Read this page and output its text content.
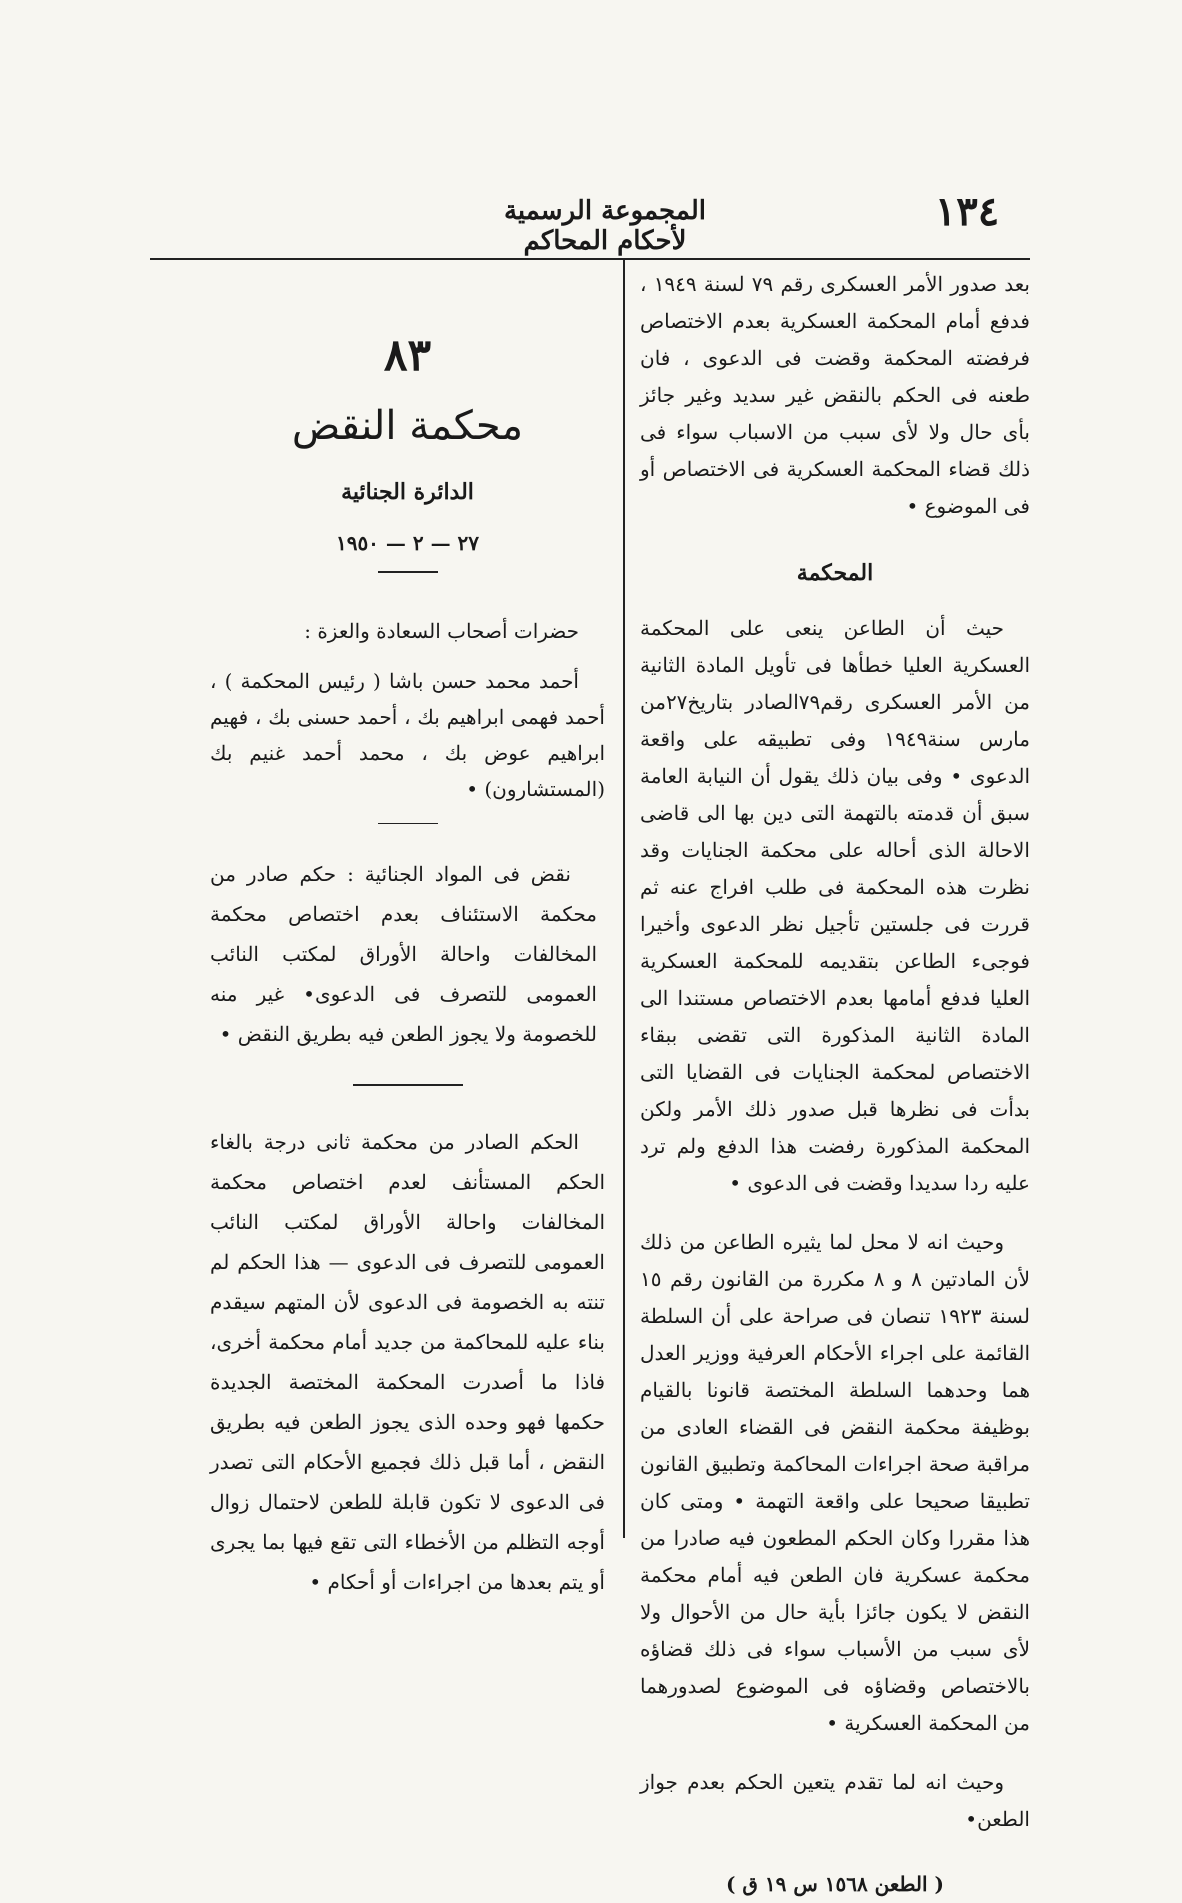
١٣٤
المجموعة الرسمية لأحكام المحاكم

بعد صدور الأمر العسكرى رقم ٧٩ لسنة ١٩٤٩ ، فدفع أمام المحكمة العسكرية بعدم الاختصاص فرفضته المحكمة وقضت فى الدعوى ، فان طعنه فى الحكم بالنقض غير سديد وغير جائز بأى حال ولا لأى سبب من الاسباب سواء فى ذلك قضاء المحكمة العسكرية فى الاختصاص أو فى الموضوع •

المحكمة

حيث أن الطاعن ينعى على المحكمة العسكرية العليا خطأها فى تأويل المادة الثانية من الأمر العسكرى رقم٧٩الصادر بتاريخ٢٧من مارس سنة١٩٤٩ وفى تطبيقه على واقعة الدعوى • وفى بيان ذلك يقول أن النيابة العامة سبق أن قدمته بالتهمة التى دين بها الى قاضى الاحالة الذى أحاله على محكمة الجنايات وقد نظرت هذه المحكمة فى طلب افراج عنه ثم قررت فى جلستين تأجيل نظر الدعوى وأخيرا فوجىء الطاعن بتقديمه للمحكمة العسكرية العليا فدفع أمامها بعدم الاختصاص مستندا الى المادة الثانية المذكورة التى تقضى ببقاء الاختصاص لمحكمة الجنايات فى القضايا التى بدأت فى نظرها قبل صدور ذلك الأمر ولكن المحكمة المذكورة رفضت هذا الدفع ولم ترد عليه ردا سديدا وقضت فى الدعوى •

وحيث انه لا محل لما يثيره الطاعن من ذلك لأن المادتين ٨ و ٨ مكررة من القانون رقم ١٥ لسنة ١٩٢٣ تنصان فى صراحة على أن السلطة القائمة على اجراء الأحكام العرفية ووزير العدل هما وحدهما السلطة المختصة قانونا بالقيام بوظيفة محكمة النقض فى القضاء العادى من مراقبة صحة اجراءات المحاكمة وتطبيق القانون تطبيقا صحيحا على واقعة التهمة • ومتى كان هذا مقررا وكان الحكم المطعون فيه صادرا من محكمة عسكرية فان الطعن فيه أمام محكمة النقض لا يكون جائزا بأية حال من الأحوال ولا لأى سبب من الأسباب سواء فى ذلك قضاؤه بالاختصاص وقضاؤه فى الموضوع لصدورهما من المحكمة العسكرية •

وحيث انه لما تقدم يتعين الحكم بعدم جواز الطعن•

( الطعن ١٥٦٨ س ١٩ ق )
٨٣
محكمة النقض
الدائرة الجنائية
٢٧ — ٢ — ١٩٥٠
حضرات أصحاب السعادة والعزة :
أحمد محمد حسن باشا ( رئيس المحكمة ) ، أحمد فهمى ابراهيم بك ، أحمد حسنى بك ، فهيم ابراهيم عوض بك ، محمد أحمد غنيم بك (المستشارون) •
نقض فى المواد الجنائية : حكم صادر من محكمة الاستئناف بعدم اختصاص محكمة المخالفات واحالة الأوراق لمكتب النائب العمومى للتصرف فى الدعوى• غير منه للخصومة ولا يجوز الطعن فيه بطريق النقض •
الحكم الصادر من محكمة ثانى درجة بالغاء الحكم المستأنف لعدم اختصاص محكمة المخالفات واحالة الأوراق لمكتب النائب العمومى للتصرف فى الدعوى — هذا الحكم لم تنته به الخصومة فى الدعوى لأن المتهم سيقدم بناء عليه للمحاكمة من جديد أمام محكمة أخرى، فاذا ما أصدرت المحكمة المختصة الجديدة حكمها فهو وحده الذى يجوز الطعن فيه بطريق النقض ، أما قبل ذلك فجميع الأحكام التى تصدر فى الدعوى لا تكون قابلة للطعن لاحتمال زوال أوجه التظلم من الأخطاء التى تقع فيها بما يجرى أو يتم بعدها من اجراءات أو أحكام •
